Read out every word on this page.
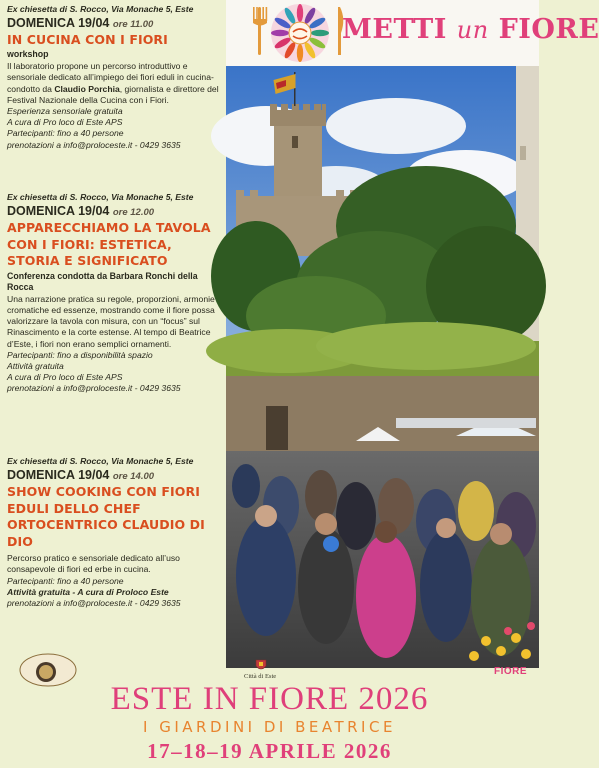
Ex chiesetta di S. Rocco, Via Monache 5, Este
DOMENICA 19/04 ore 11.00
IN CUCINA CON I FIORI
workshop
Il laboratorio propone un percorso introduttivo e sensoriale dedicato all’impiego dei fiori eduli in cucina- condotto da Claudio Porchia, giornalista e direttore del Festival Nazionale della Cucina con i Fiori.
Esperienza sensoriale gratuita
A cura di Pro loco di Este APS
Partecipanti: fino a 40 persone
prenotazioni a info@proloceste.it - 0429 3635
Ex chiesetta di S. Rocco, Via Monache 5, Este
DOMENICA 19/04 ore 12.00
APPARECCHIAMO LA TAVOLA CON I FIORI: ESTETICA, STORIA E SIGNIFICATO
Conferenza condotta da Barbara Ronchi della Rocca
Una narrazione pratica su regole, proporzioni, armonie cromatiche ed essenze, mostrando come il fiore possa valorizzare la tavola con misura, con un “focus” sul Rinascimento e la corte estense. Al tempo di Beatrice d’Este, i fiori non erano semplici ornamenti.
Partecipanti: fino a disponibilità spazio
Attività gratuita
A cura di Pro loco di Este APS
prenotazioni a info@proloceste.it - 0429 3635
Ex chiesetta di S. Rocco, Via Monache 5, Este
DOMENICA 19/04 ore 14.00
SHOW COOKING CON FIORI EDULI DELLO CHEF ORTOCENTRICO CLAUDIO DI DIO
Percorso pratico e sensoriale dedicato all’uso consapevole di fiori ed erbe in cucina.
Partecipanti: fino a 40 persone
Attività gratuita - A cura di Proloco Este
prenotazioni a info@proloceste.it - 0429 3635
METTI un FIORE
Città di Este	FIORE
ESTE IN FIORE 2026
I GIARDINI DI BEATRICE
17–18–19 APRILE 2026
